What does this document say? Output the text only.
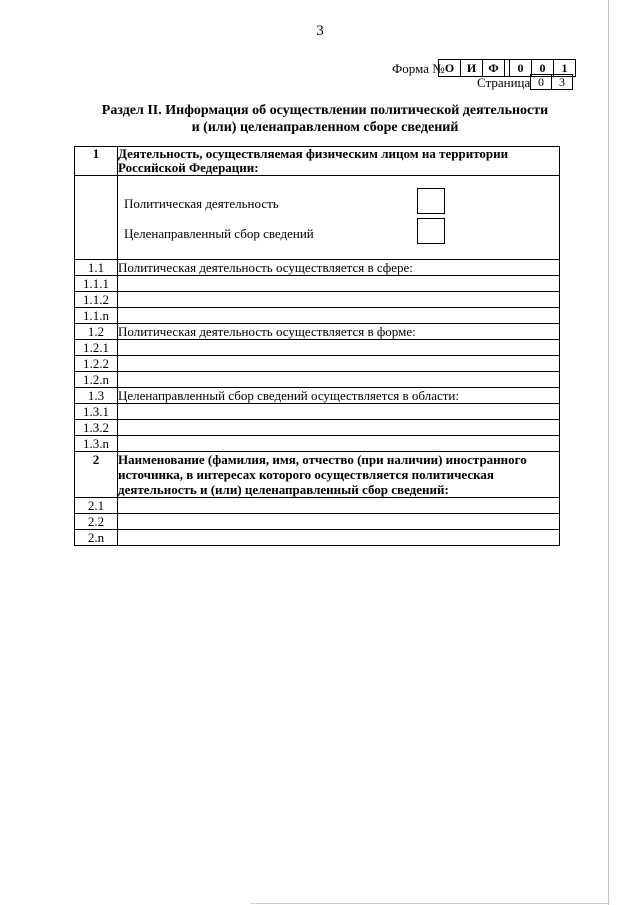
3
Форма № О	И	Ф	0	0	1
Страница 0	3
Раздел II. Информация об осуществлении политической деятельности
и (или) целенаправленном сборе сведений
1	Деятельность, осуществляемая физическим лицом на территории
Российской Федерации:

	Политическая деятельность
Целенаправленный сбор сведений

1.1	Политическая деятельность осуществляется в сфере:
1.1.1	
1.1.2	
1.1.n	
1.2	Политическая деятельность осуществляется в форме:
1.2.1	
1.2.2	
1.2.n	
1.3	Целенаправленный сбор сведений осуществляется в области:
1.3.1	
1.3.2	
1.3.n	
2	Наименование (фамилия, имя, отчество (при наличии) иностранного
источника, в интересах которого осуществляется политическая
деятельность и (или) целенаправленный сбор сведений:

2.1	
2.2	
2.n	
